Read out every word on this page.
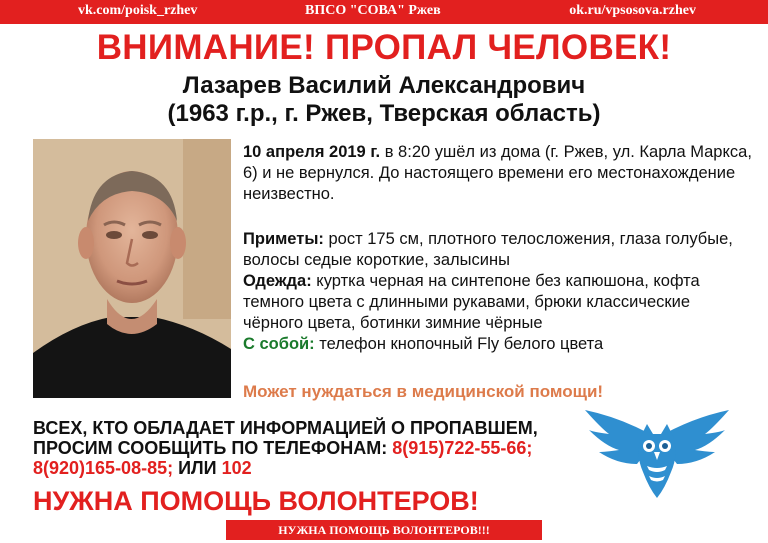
vk.com/poisk_rzhev	ВПСО "СОВА" Ржев	ok.ru/vpsosova.rzhev
ВНИМАНИЕ! ПРОПАЛ ЧЕЛОВЕК!
Лазарев Василий Александрович
(1963 г.р., г. Ржев, Тверская область)
10 апреля 2019 г. в 8:20 ушёл из дома (г. Ржев, ул. Карла Маркса, 6) и не вернулся. До настоящего времени его местонахождение неизвестно.
Приметы: рост 175 см, плотного телосложения, глаза голубые, волосы седые короткие, залысины
Одежда: куртка черная на синтепоне без капюшона, кофта темного цвета с длинными рукавами, брюки классические чёрного цвета, ботинки зимние чёрные
С собой: телефон кнопочный Fly белого цвета
Может нуждаться в медицинской помощи!
ВСЕХ, КТО ОБЛАДАЕТ ИНФОРМАЦИЕЙ О ПРОПАВШЕМ,
ПРОСИМ СООБЩИТЬ ПО ТЕЛЕФОНАМ: 8(915)722-55-66;
8(920)165-08-85; ИЛИ 102
НУЖНА ПОМОЩЬ ВОЛОНТЕРОВ!
НУЖНА ПОМОЩЬ ВОЛОНТЕРОВ!!!
